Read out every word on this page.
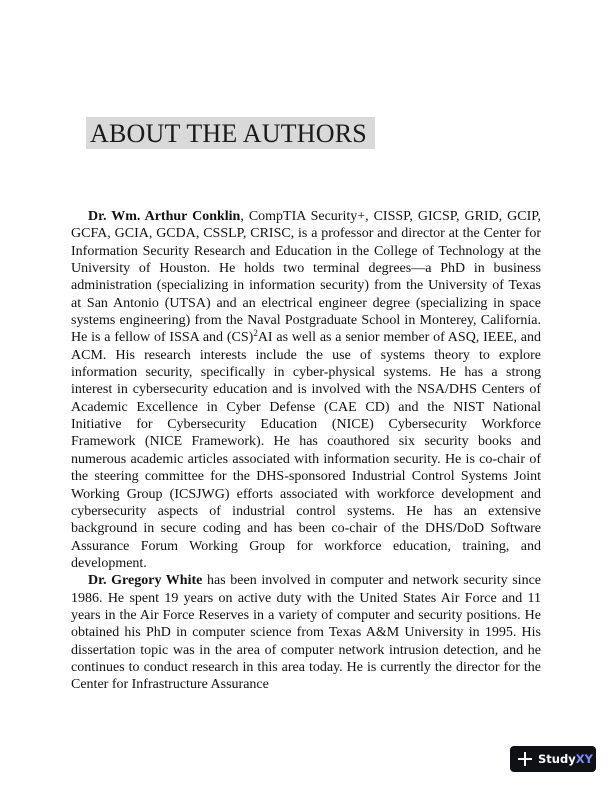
ABOUT THE AUTHORS

Dr. Wm. Arthur Conklin, CompTIA Security+, CISSP, GICSP, GRID, GCIP, GCFA, GCIA, GCDA, CSSLP, CRISC, is a professor and director at the Center for Information Security Research and Education in the College of Technology at the University of Houston. He holds two terminal degrees—a PhD in business administration (specializing in information security) from the University of Texas at San Antonio (UTSA) and an electrical engineer degree (specializing in space systems engineering) from the Naval Postgraduate School in Monterey, California. He is a fellow of ISSA and (CS)$^2$AI as well as a senior member of ASQ, IEEE, and ACM. His research interests include the use of systems theory to explore information security, specifically in cyber-physical systems. He has a strong interest in cybersecurity education and is involved with the NSA/DHS Centers of Academic Excellence in Cyber Defense (CAE CD) and the NIST National Initiative for Cybersecurity Education (NICE) Cybersecurity Workforce Framework (NICE Framework). He has coauthored six security books and numerous academic articles associated with information security. He is co-chair of the steering committee for the DHS-sponsored Industrial Control Systems Joint Working Group (ICSJWG) efforts associated with workforce development and cybersecurity aspects of industrial control systems. He has an extensive background in secure coding and has been co-chair of the DHS/DoD Software Assurance Forum Working Group for workforce education, training, and development.

Dr. Gregory White has been involved in computer and network security since 1986. He spent 19 years on active duty with the United States Air Force and 11 years in the Air Force Reserves in a variety of computer and security positions. He obtained his PhD in computer science from Texas A&M University in 1995. His dissertation topic was in the area of computer network intrusion detection, and he continues to conduct research in this area today. He is currently the director for the Center for Infrastructure Assurance

Study XY
